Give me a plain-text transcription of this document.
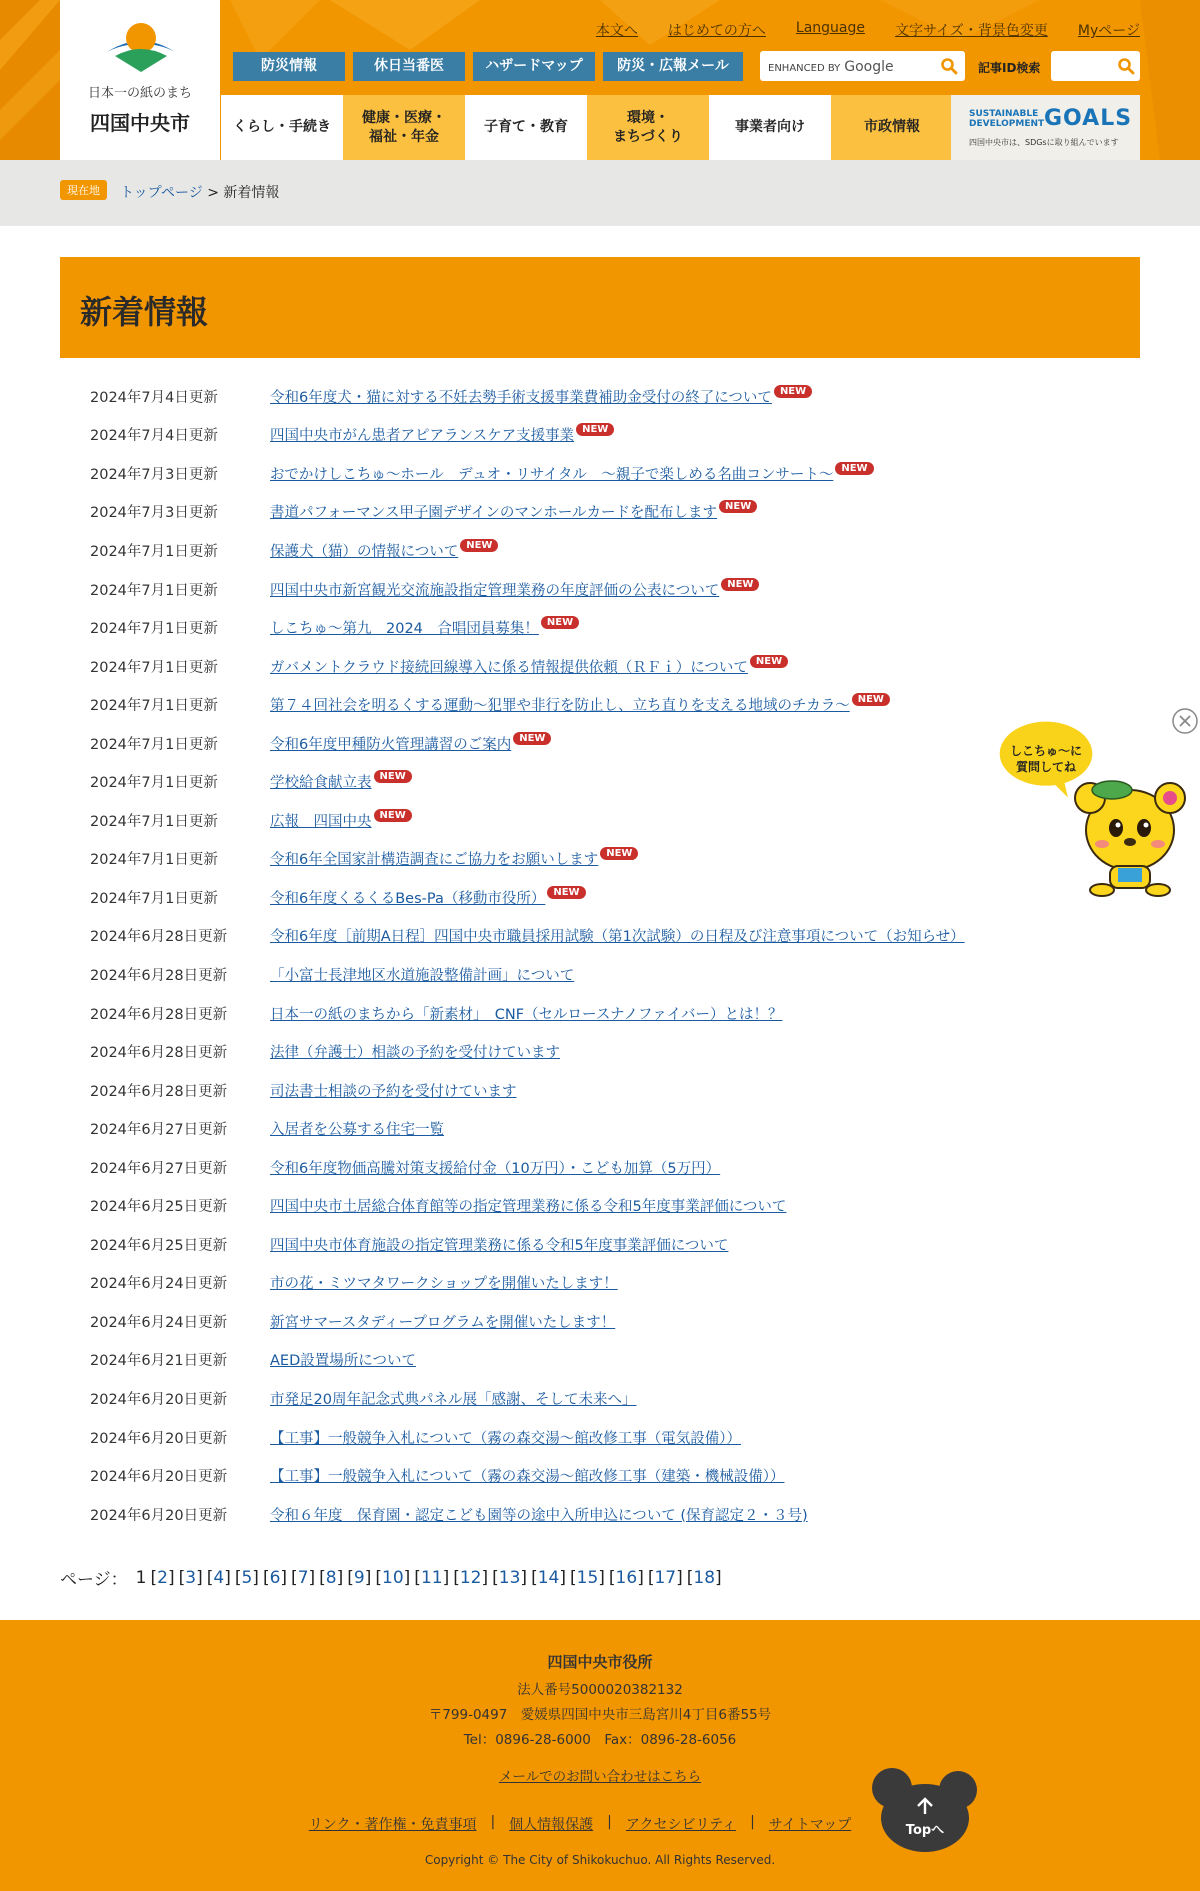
日本一の紙のまち
四国中央市
本文へ はじめての方へ Language 文字サイズ・背景色変更 Myページ
防災情報	休日当番医	ハザードマップ	防災・広報メール	ENHANCED BY Google	記事ID検索
くらし・手続き
健康・医療・
福祉・年金
子育て・教育
環境・
まちづくり
事業者向け	市政情報
SUSTAINABLE
DEVELOPMENT GOALS
四国中央市は、SDGsに取り組んでいます
現在地	トップページ > 新着情報
新着情報
2024年7月4日更新	令和6年度犬・猫に対する不妊去勢手術支援事業費補助金受付の終了について NEW
2024年7月4日更新	四国中央市がん患者アピアランスケア支援事業 NEW
2024年7月3日更新	おでかけしこちゅ～ホール　デュオ・リサイタル　～親子で楽しめる名曲コンサート～ NEW
2024年7月3日更新	書道パフォーマンス甲子園デザインのマンホールカードを配布します NEW
2024年7月1日更新	保護犬（猫）の情報について NEW
2024年7月1日更新	四国中央市新宮観光交流施設指定管理業務の年度評価の公表について NEW
2024年7月1日更新	しこちゅ～第九　2024　合唱団員募集！ NEW
2024年7月1日更新	ガバメントクラウド接続回線導入に係る情報提供依頼（ＲＦｉ）について NEW
2024年7月1日更新	第７４回社会を明るくする運動～犯罪や非行を防止し、立ち直りを支える地域のチカラ～ NEW
2024年7月1日更新	令和6年度甲種防火管理講習のご案内 NEW
2024年7月1日更新	学校給食献立表 NEW
2024年7月1日更新	広報　四国中央 NEW
2024年7月1日更新	令和6年全国家計構造調査にご協力をお願いします NEW
2024年7月1日更新	令和6年度くるくるBes-Pa（移動市役所） NEW
2024年6月28日更新	令和6年度［前期A日程］四国中央市職員採用試験（第1次試験）の日程及び注意事項について（お知らせ）
2024年6月28日更新	「小富士長津地区水道施設整備計画」について
2024年6月28日更新	日本一の紙のまちから「新素材」　CNF（セルロースナノファイバー）とは！？
2024年6月28日更新	法律（弁護士）相談の予約を受付けています
2024年6月28日更新	司法書士相談の予約を受付けています
2024年6月27日更新	入居者を公募する住宅一覧
2024年6月27日更新	令和6年度物価高騰対策支援給付金（10万円）・こども加算（5万円）
2024年6月25日更新	四国中央市土居総合体育館等の指定管理業務に係る令和5年度事業評価について
2024年6月25日更新	四国中央市体育施設の指定管理業務に係る令和5年度事業評価について
2024年6月24日更新	市の花・ミツマタワークショップを開催いたします！
2024年6月24日更新	新宮サマースタディープログラムを開催いたします！
2024年6月21日更新	AED設置場所について
2024年6月20日更新	市発足20周年記念式典パネル展「感謝、そして未来へ」
2024年6月20日更新	【工事】一般競争入札について（霧の森交湯～館改修工事（電気設備））
2024年6月20日更新	【工事】一般競争入札について（霧の森交湯～館改修工事（建築・機械設備））
2024年6月20日更新	令和６年度　保育園・認定こども園等の途中入所申込について (保育認定２・３号)
ページ： 1 [2] [3] [4] [5] [6] [7] [8] [9] [10] [11] [12] [13] [14] [15] [16] [17] [18]
しこちゅ～に
質問してね
四国中央市役所
法人番号5000020382132
〒799-0497　愛媛県四国中央市三島宮川4丁目6番55号
Tel：0896-28-6000　Fax：0896-28-6056
メールでのお問い合わせはこちら
リンク・著作権・免責事項 | 個人情報保護 | アクセシビリティ | サイトマップ
Copyright © The City of Shikokuchuo. All Rights Reserved.
Topへ
